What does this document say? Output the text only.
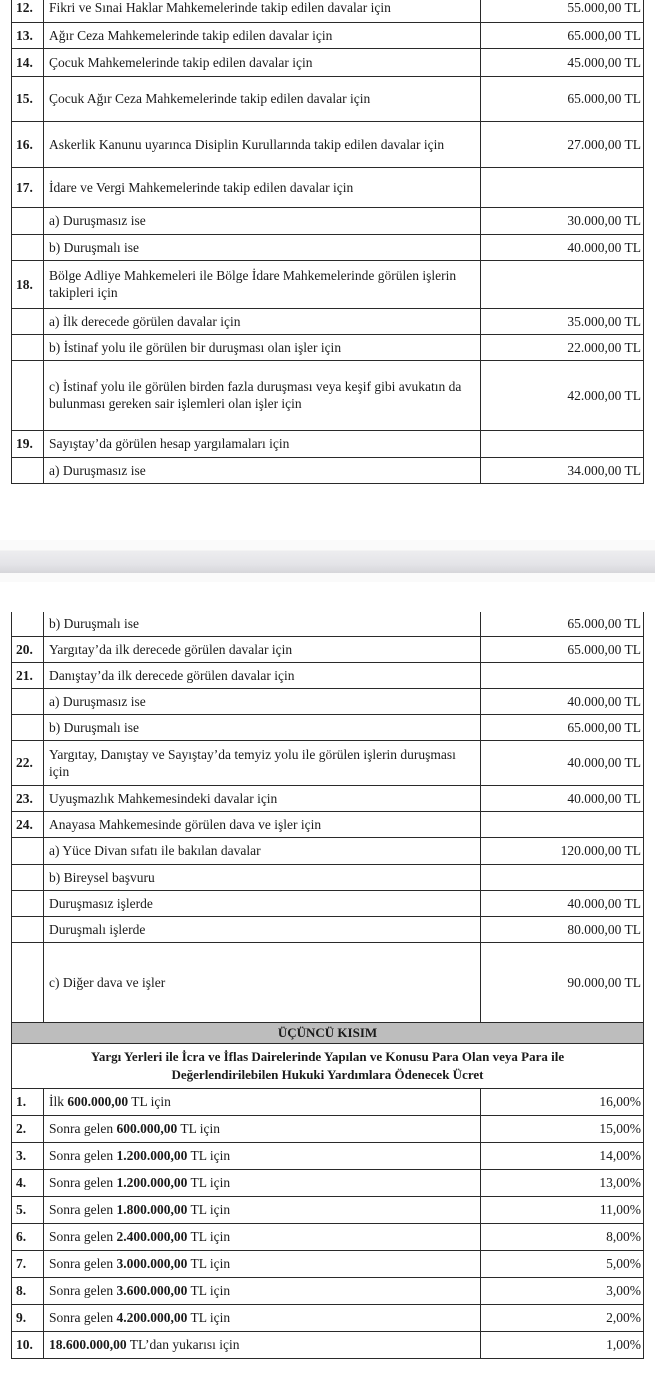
12.	Fikri ve Sınai Haklar Mahkemelerinde takip edilen davalar için	55.000,00 TL
13.	Ağır Ceza Mahkemelerinde takip edilen davalar için	65.000,00 TL
14.	Çocuk Mahkemelerinde takip edilen davalar için	45.000,00 TL
15.	Çocuk Ağır Ceza Mahkemelerinde takip edilen davalar için	65.000,00 TL
16.	Askerlik Kanunu uyarınca Disiplin Kurullarında takip edilen davalar için	27.000,00 TL
17.	İdare ve Vergi Mahkemelerinde takip edilen davalar için	
	a) Duruşmasız ise	30.000,00 TL
	b) Duruşmalı ise	40.000,00 TL
18.	Bölge Adliye Mahkemeleri ile Bölge İdare Mahkemelerinde görülen işlerin takipleri için	
	a) İlk derecede görülen davalar için	35.000,00 TL
	b) İstinaf yolu ile görülen bir duruşması olan işler için	22.000,00 TL
	c) İstinaf yolu ile görülen birden fazla duruşması veya keşif gibi avukatın da bulunması gereken sair işlemleri olan işler için	42.000,00 TL
19.	Sayıştay’da görülen hesap yargılamaları için	
	a) Duruşmasız ise	34.000,00 TL
	b) Duruşmalı ise	65.000,00 TL
20.	Yargıtay’da ilk derecede görülen davalar için	65.000,00 TL
21.	Danıştay’da ilk derecede görülen davalar için	
	a) Duruşmasız ise	40.000,00 TL
	b) Duruşmalı ise	65.000,00 TL
22.	Yargıtay, Danıştay ve Sayıştay’da temyiz yolu ile görülen işlerin duruşması için	40.000,00 TL
23.	Uyuşmazlık Mahkemesindeki davalar için	40.000,00 TL
24.	Anayasa Mahkemesinde görülen dava ve işler için	
	a) Yüce Divan sıfatı ile bakılan davalar	120.000,00 TL
	b) Bireysel başvuru	
	Duruşmasız işlerde	40.000,00 TL
	Duruşmalı işlerde	80.000,00 TL
	c) Diğer dava ve işler	90.000,00 TL
ÜÇÜNCÜ KISIM		
Yargı Yerleri ile İcra ve İflas Dairelerinde Yapılan ve Konusu Para Olan veya Para ile Değerlendirilebilen Hukuki Yardımlara Ödenecek Ücret		
1.	İlk 600.000,00 TL için	16,00%
2.	Sonra gelen 600.000,00 TL için	15,00%
3.	Sonra gelen 1.200.000,00 TL için	14,00%
4.	Sonra gelen 1.200.000,00 TL için	13,00%
5.	Sonra gelen 1.800.000,00 TL için	11,00%
6.	Sonra gelen 2.400.000,00 TL için	8,00%
7.	Sonra gelen 3.000.000,00 TL için	5,00%
8.	Sonra gelen 3.600.000,00 TL için	3,00%
9.	Sonra gelen 4.200.000,00 TL için	2,00%
10.	18.600.000,00 TL’dan yukarısı için	1,00%
